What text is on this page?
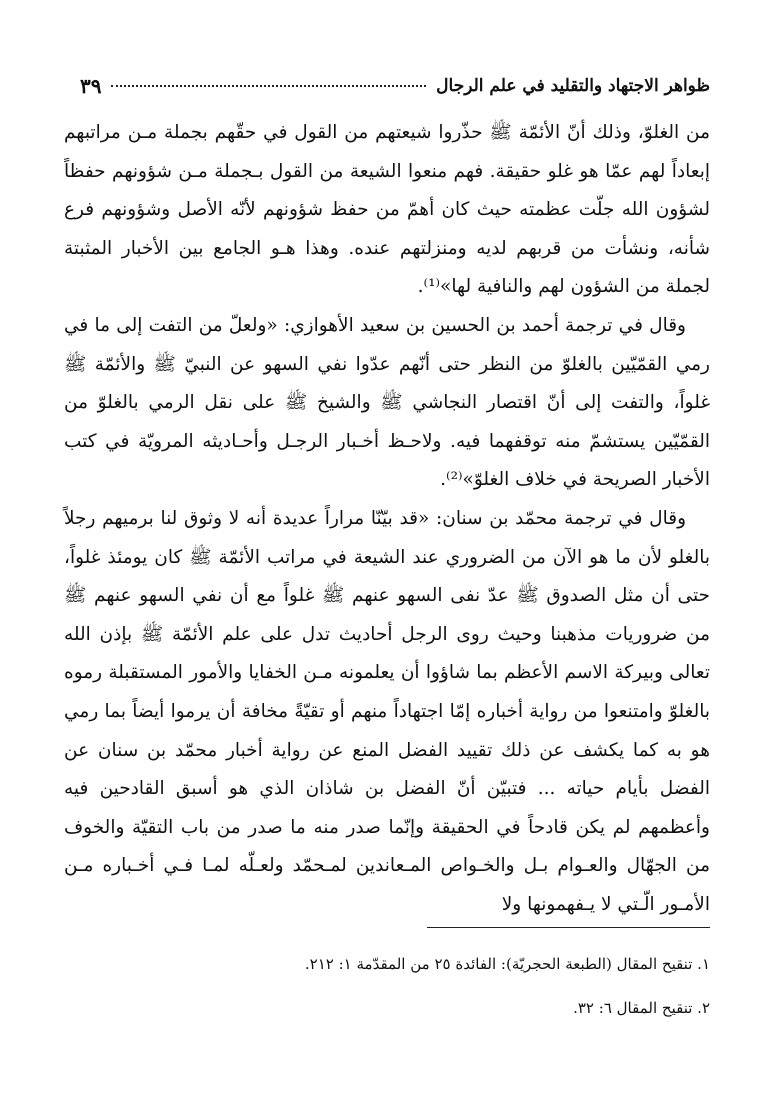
ظواهر الاجتهاد والتقليد في علم الرجال
٣٩

من الغلوّ، وذلك أنّ الأئمّة ﷺ حذّروا شيعتهم من القول في حقّهم بجملة مـن مراتبهم إبعاداً لهم عمّا هو غلو حقيقة. فهم منعوا الشيعة من القول بـجملة مـن شؤونهم حفظاً لشؤون الله جلّت عظمته حيث كان أهمّ من حفظ شؤونهم لأنّه الأصل وشؤونهم فرع شأنه، ونشأت من قربهم لديه ومنزلتهم عنده. وهذا هـو الجامع بين الأخبار المثبتة لجملة من الشؤون لهم والنافية لها»⁽¹⁾.

وقال في ترجمة أحمد بن الحسين بن سعيد الأهوازي: «ولعلّ من التفت إلى ما في رمي القمّيّين بالغلوّ من النظر حتى أنّهم عدّوا نفي السهو عن النبيّ ﷺ والأئمّة ﷺ غلواً، والتفت إلى أنّ اقتصار النجاشي ﷺ والشيخ ﷺ على نقل الرمي بالغلوّ من القمّيّين يستشمّ منه توقفهما فيه. ولاحـظ أخـبار الرجـل وأحـاديثه المرويّة في كتب الأخبار الصريحة في خلاف الغلوّ»⁽²⁾.

وقال في ترجمة محمّد بن سنان: «قد بيّنّا مراراً عديدة أنه لا وثوق لنا برميهم رجلاً بالغلو لأن ما هو الآن من الضروري عند الشيعة في مراتب الأئمّة ﷺ كان يومئذ غلواً، حتى أن مثل الصدوق ﷺ عدّ نفى السهو عنهم ﷺ غلواً مع أن نفي السهو عنهم ﷺ من ضروريات مذهبنا وحيث روى الرجل أحاديث تدل على علم الأئمّة ﷺ بإذن الله تعالى وبيركة الاسم الأعظم بما شاؤوا أن يعلمونه مـن الخفايا والأمور المستقبلة رموه بالغلوّ وامتنعوا من رواية أخباره إمّا اجتهاداً منهم أو تقيّةً مخافة أن يرموا أيضاً بما رمي هو به كما يكشف عن ذلك تقييد الفضل المنع عن رواية أخبار محمّد بن سنان عن الفضل بأيام حياته ... فتبيّن أنّ الفضل بن شاذان الذي هو أسبق القادحين فيه وأعظمهم لم يكن قادحاً في الحقيقة وإنّما صدر منه ما صدر من باب التقيّة والخوف من الجهّال والعـوام بـل والخـواص المـعاندين لمـحمّد ولعـلّه لمـا فـي أخـباره مـن الأمـور الّـتي لا يـفهمونها ولا

١. تنقيح المقال (الطبعة الحجريّة): الفائدة ٢٥ من المقدّمة ١: ٢١٢.
٢. تنقيح المقال ٦: ٣٢.
